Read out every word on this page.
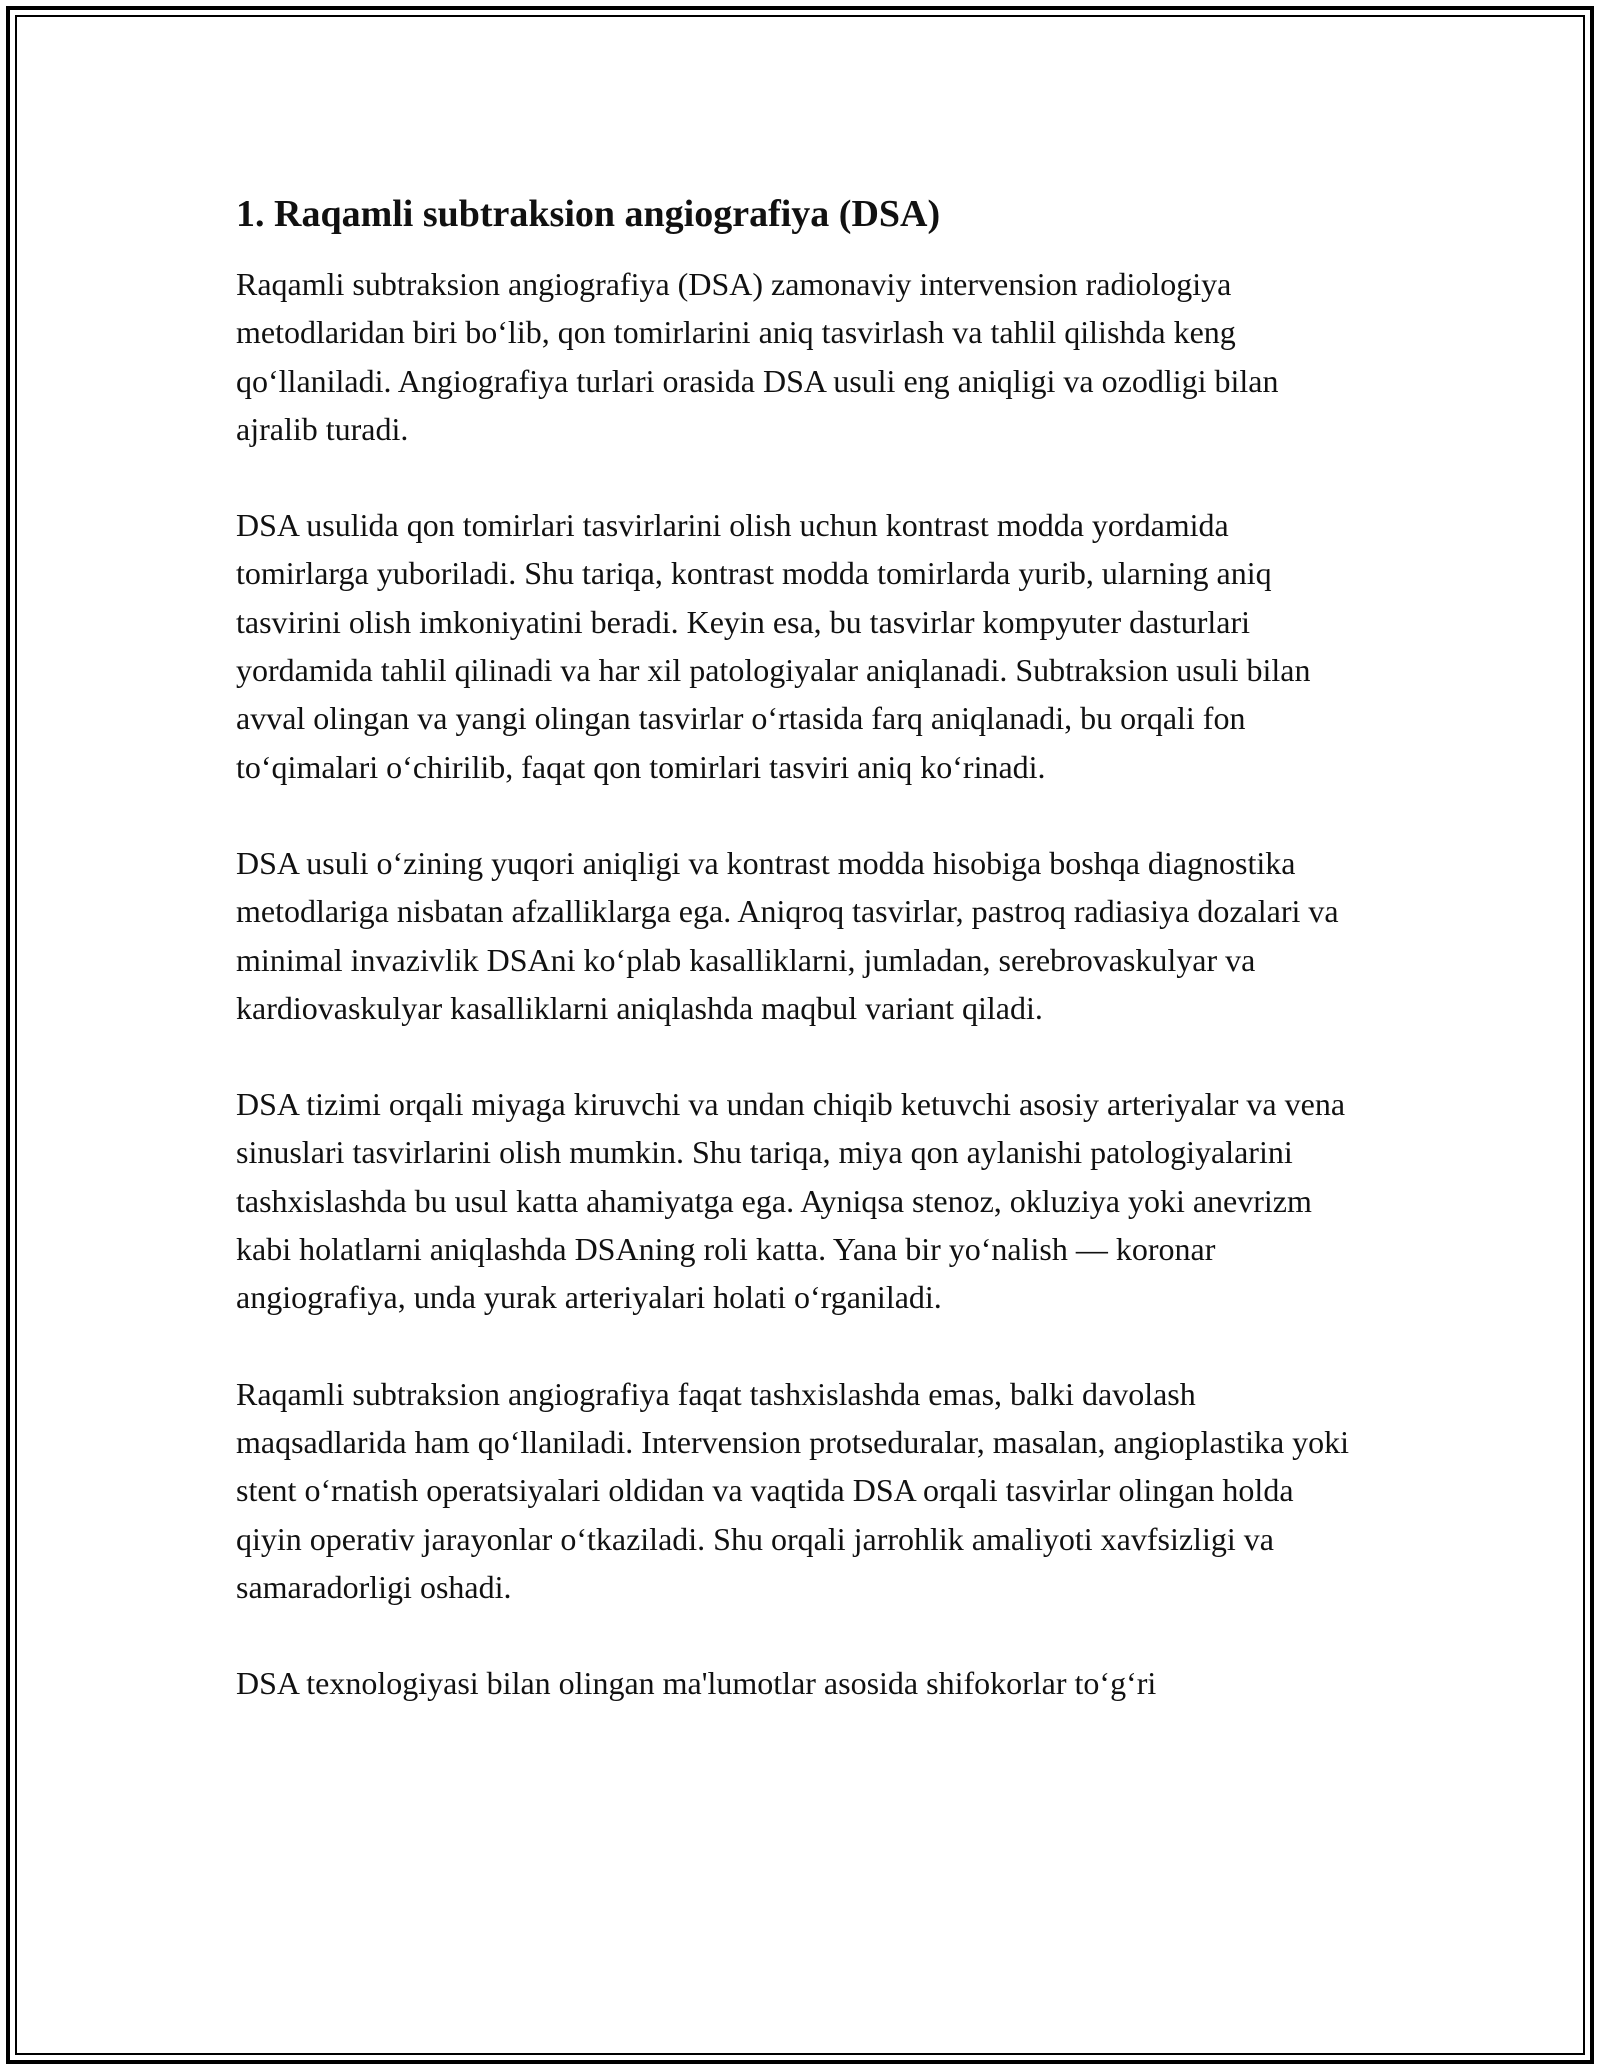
1. Raqamli subtraksion angiografiya (DSA)

Raqamli subtraksion angiografiya (DSA) zamonaviy intervension radiologiya metodlaridan biri bo‘lib, qon tomirlarini aniq tasvirlash va tahlil qilishda keng qo‘llaniladi. Angiografiya turlari orasida DSA usuli eng aniqligi va ozodligi bilan ajralib turadi.

DSA usulida qon tomirlari tasvirlarini olish uchun kontrast modda yordamida tomirlarga yuboriladi. Shu tariqa, kontrast modda tomirlarda yurib, ularning aniq tasvirini olish imkoniyatini beradi. Keyin esa, bu tasvirlar kompyuter dasturlari yordamida tahlil qilinadi va har xil patologiyalar aniqlanadi. Subtraksion usuli bilan avval olingan va yangi olingan tasvirlar o‘rtasida farq aniqlanadi, bu orqali fon to‘qimalari o‘chirilib, faqat qon tomirlari tasviri aniq ko‘rinadi.

DSA usuli o‘zining yuqori aniqligi va kontrast modda hisobiga boshqa diagnostika metodlariga nisbatan afzalliklarga ega. Aniqroq tasvirlar, pastroq radiasiya dozalari va minimal invazivlik DSAni ko‘plab kasalliklarni, jumladan, serebrovaskulyar va kardiovaskulyar kasalliklarni aniqlashda maqbul variant qiladi.

DSA tizimi orqali miyaga kiruvchi va undan chiqib ketuvchi asosiy arteriyalar va vena sinuslari tasvirlarini olish mumkin. Shu tariqa, miya qon aylanishi patologiyalarini tashxislashda bu usul katta ahamiyatga ega. Ayniqsa stenoz, okluziya yoki anevrizm kabi holatlarni aniqlashda DSAning roli katta. Yana bir yo‘nalish — koronar angiografiya, unda yurak arteriyalari holati o‘rganiladi.

Raqamli subtraksion angiografiya faqat tashxislashda emas, balki davolash maqsadlarida ham qo‘llaniladi. Intervension protseduralar, masalan, angioplastika yoki stent o‘rnatish operatsiyalari oldidan va vaqtida DSA orqali tasvirlar olingan holda qiyin operativ jarayonlar o‘tkaziladi. Shu orqali jarrohlik amaliyoti xavfsizligi va samaradorligi oshadi.

DSA texnologiyasi bilan olingan ma'lumotlar asosida shifokorlar to‘g‘ri
